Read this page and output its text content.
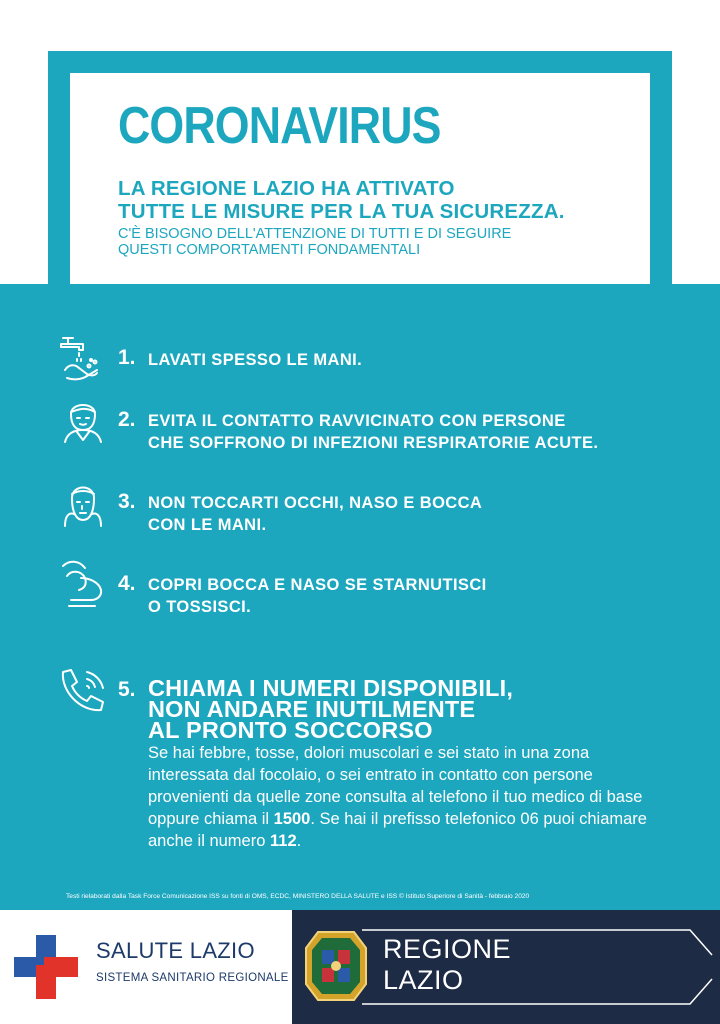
CORONAVIRUS
LA REGIONE LAZIO HA ATTIVATO
TUTTE LE MISURE PER LA TUA SICUREZZA.
C'È BISOGNO DELL'ATTENZIONE DI TUTTI E DI SEGUIRE
QUESTI COMPORTAMENTI FONDAMENTALI
1. LAVATI SPESSO LE MANI.
2. EVITA IL CONTATTO RAVVICINATO CON PERSONE
CHE SOFFRONO DI INFEZIONI RESPIRATORIE ACUTE.
3. NON TOCCARTI OCCHI, NASO E BOCCA
CON LE MANI.
4. COPRI BOCCA E NASO SE STARNUTISCI
O TOSSISCI.
5. CHIAMA I NUMERI DISPONIBILI,
NON ANDARE INUTILMENTE
AL PRONTO SOCCORSO
Se hai febbre, tosse, dolori muscolari e sei stato in una zona interessata dal focolaio, o sei entrato in contatto con persone provenienti da quelle zone consulta al telefono il tuo medico di base oppure chiama il 1500. Se hai il prefisso telefonico 06 puoi chiamare anche il numero 112.
Testi rielaborati dalla Task Force Comunicazione ISS su fonti di OMS, ECDC, MINISTERO DELLA SALUTE e ISS © Istituto Superiore di Sanità - febbraio 2020
SALUTE LAZIO
SISTEMA SANITARIO REGIONALE
REGIONE
LAZIO
